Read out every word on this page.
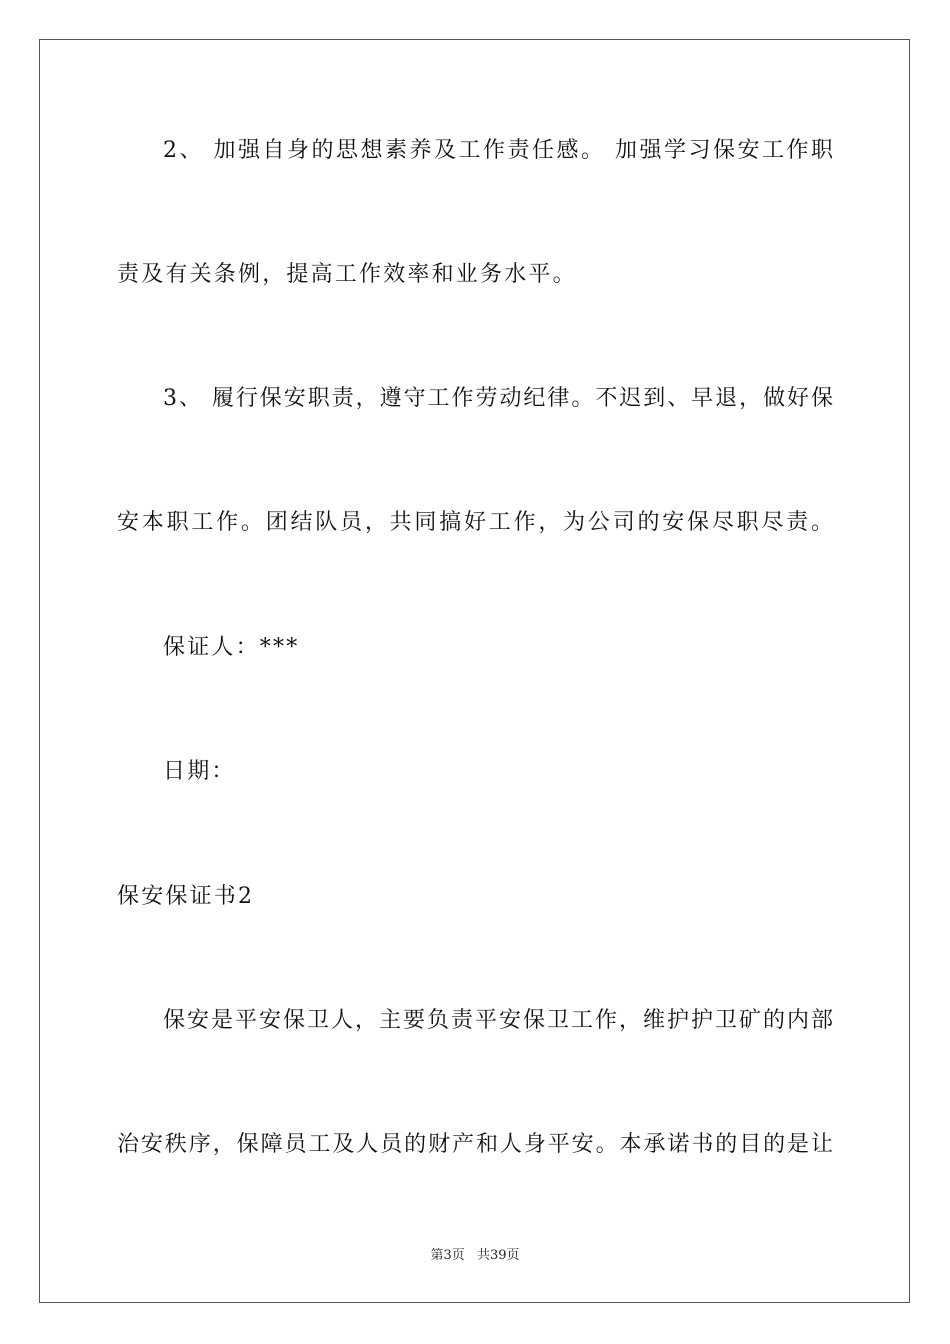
2、 加强自身的思想素养及工作责任感。 加强学习保安工作职
责及有关条例，提高工作效率和业务水平。
3、 履行保安职责，遵守工作劳动纪律。不迟到、早退，做好保
安本职工作。团结队员，共同搞好工作，为公司的安保尽职尽责。
保证人：***
日期：
保安保证书2
保安是平安保卫人，主要负责平安保卫工作，维护护卫矿的内部
治安秩序，保障员工及人员的财产和人身平安。本承诺书的目的是让
第3页 共39页
